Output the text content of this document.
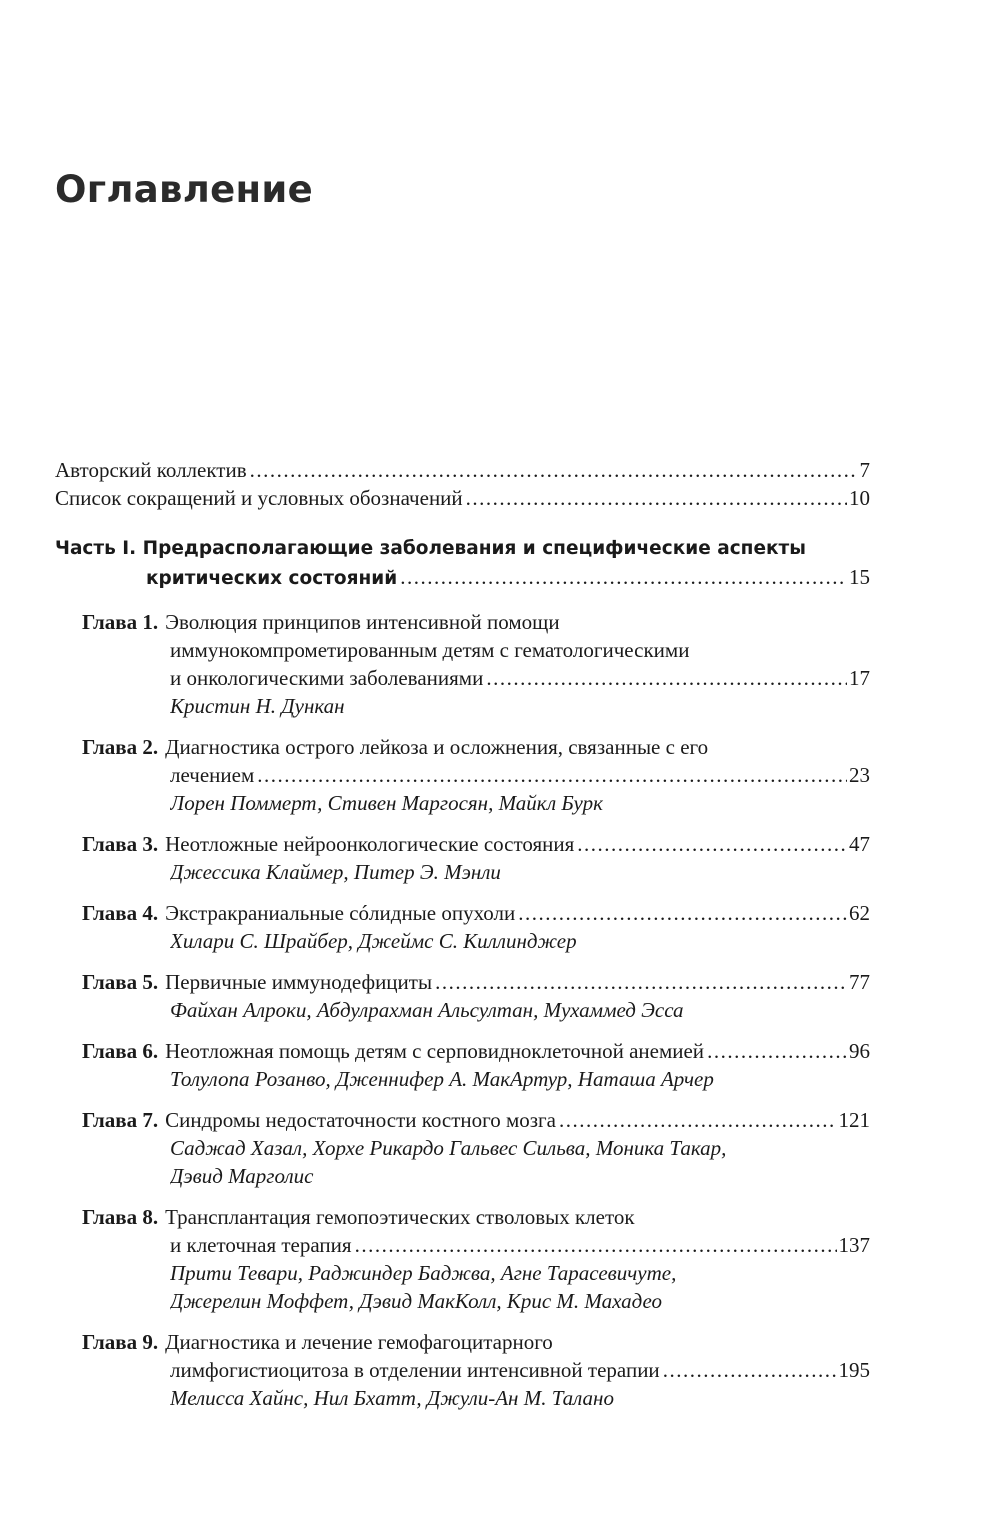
Оглавление
Авторский коллектив .....	7
Список сокращений и условных обозначений .....	10
Часть I. Предрасполагающие заболевания и специфические аспекты
критических состояний .....	15
Глава 1. Эволюция принципов интенсивной помощи
иммунокомпрометированным детям с гематологическими
и онкологическими заболеваниями .....	17
Кристин Н. Дункан
Глава 2. Диагностика острого лейкоза и осложнения, связанные с его
лечением .....	23
Лорен Поммерт, Стивен Маргосян, Майкл Бурк
Глава 3. Неотложные нейроонкологические состояния .....	47
Джессика Клаймер, Питер Э. Мэнли
Глава 4. Экстракраниальные сóлидные опухоли .....	62
Хилари С. Шрайбер, Джеймс С. Киллинджер
Глава 5. Первичные иммунодефициты .....	77
Файхан Алроки, Абдулрахман Альсултан, Мухаммед Эсса
Глава 6. Неотложная помощь детям с серповидноклеточной анемией .....	96
Толулопа Розанво, Дженнифер А. МакАртур, Наташа Арчер
Глава 7. Синдромы недостаточности костного мозга .....	121
Саджад Хазал, Хорхе Рикардо Гальвес Сильва, Моника Такар,
Дэвид Марголис
Глава 8. Трансплантация гемопоэтических стволовых клеток
и клеточная терапия .....	137
Прити Тевари, Раджиндер Баджва, Агне Тарасевичуте,
Джерелин Моффет, Дэвид МакКолл, Крис М. Махадео
Глава 9. Диагностика и лечение гемофагоцитарного
лимфогистиоцитоза в отделении интенсивной терапии .....	195
Мелисса Хайнс, Нил Бхатт, Джули-Ан М. Талано
